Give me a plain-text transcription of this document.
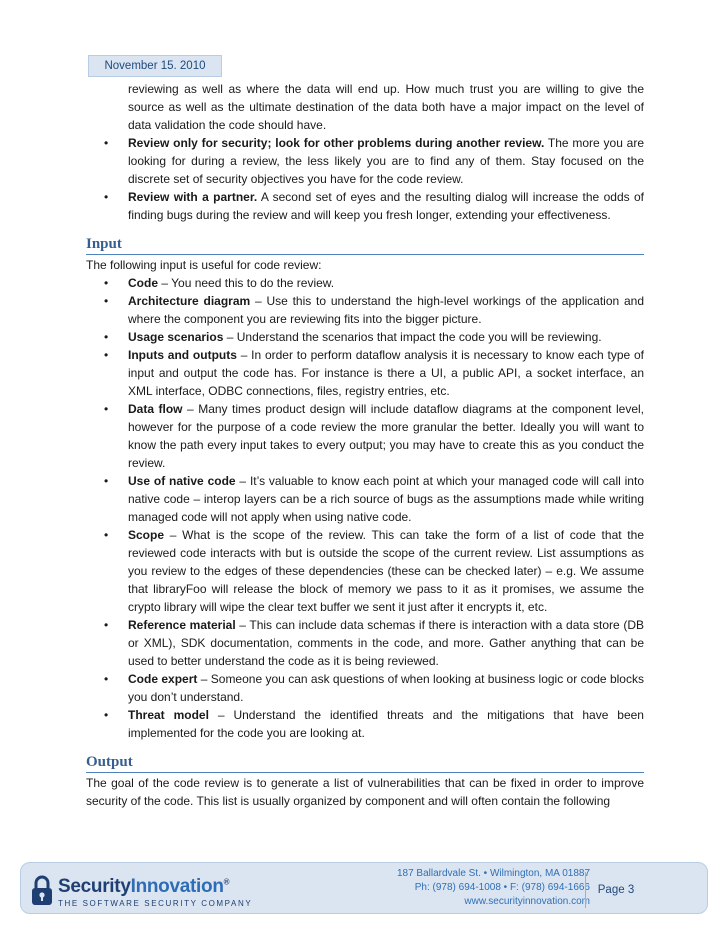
November 15. 2010

reviewing as well as where the data will end up. How much trust you are willing to give the source as well as the ultimate destination of the data both have a major impact on the level of data validation the code should have.

• Review only for security; look for other problems during another review. The more you are looking for during a review, the less likely you are to find any of them. Stay focused on the discrete set of security objectives you have for the code review.
• Review with a partner. A second set of eyes and the resulting dialog will increase the odds of finding bugs during the review and will keep you fresh longer, extending your effectiveness.
Input

The following input is useful for code review:

• Code – You need this to do the review.
• Architecture diagram – Use this to understand the high-level workings of the application and where the component you are reviewing fits into the bigger picture.
• Usage scenarios – Understand the scenarios that impact the code you will be reviewing.
• Inputs and outputs – In order to perform dataflow analysis it is necessary to know each type of input and output the code has. For instance is there a UI, a public API, a socket interface, an XML interface, ODBC connections, files, registry entries, etc.
• Data flow – Many times product design will include dataflow diagrams at the component level, however for the purpose of a code review the more granular the better. Ideally you will want to know the path every input takes to every output; you may have to create this as you conduct the review.
• Use of native code – It’s valuable to know each point at which your managed code will call into native code – interop layers can be a rich source of bugs as the assumptions made while writing managed code will not apply when using native code.
• Scope – What is the scope of the review. This can take the form of a list of code that the reviewed code interacts with but is outside the scope of the current review. List assumptions as you review to the edges of these dependencies (these can be checked later) – e.g. We assume that libraryFoo will release the block of memory we pass to it as it promises, we assume the crypto library will wipe the clear text buffer we sent it just after it encrypts it, etc.
• Reference material – This can include data schemas if there is interaction with a data store (DB or XML), SDK documentation, comments in the code, and more. Gather anything that can be used to better understand the code as it is being reviewed.
• Code expert – Someone you can ask questions of when looking at business logic or code blocks you don’t understand.
• Threat model – Understand the identified threats and the mitigations that have been implemented for the code you are looking at.
Output

The goal of the code review is to generate a list of vulnerabilities that can be fixed in order to improve security of the code. This list is usually organized by component and will often contain the following

SecurityInnovation®
THE SOFTWARE SECURITY COMPANY
187 Ballardvale St. • Wilmington, MA 01887
Ph: (978) 694-1008 • F: (978) 694-1666
www.securityinnovation.com
Page 3
